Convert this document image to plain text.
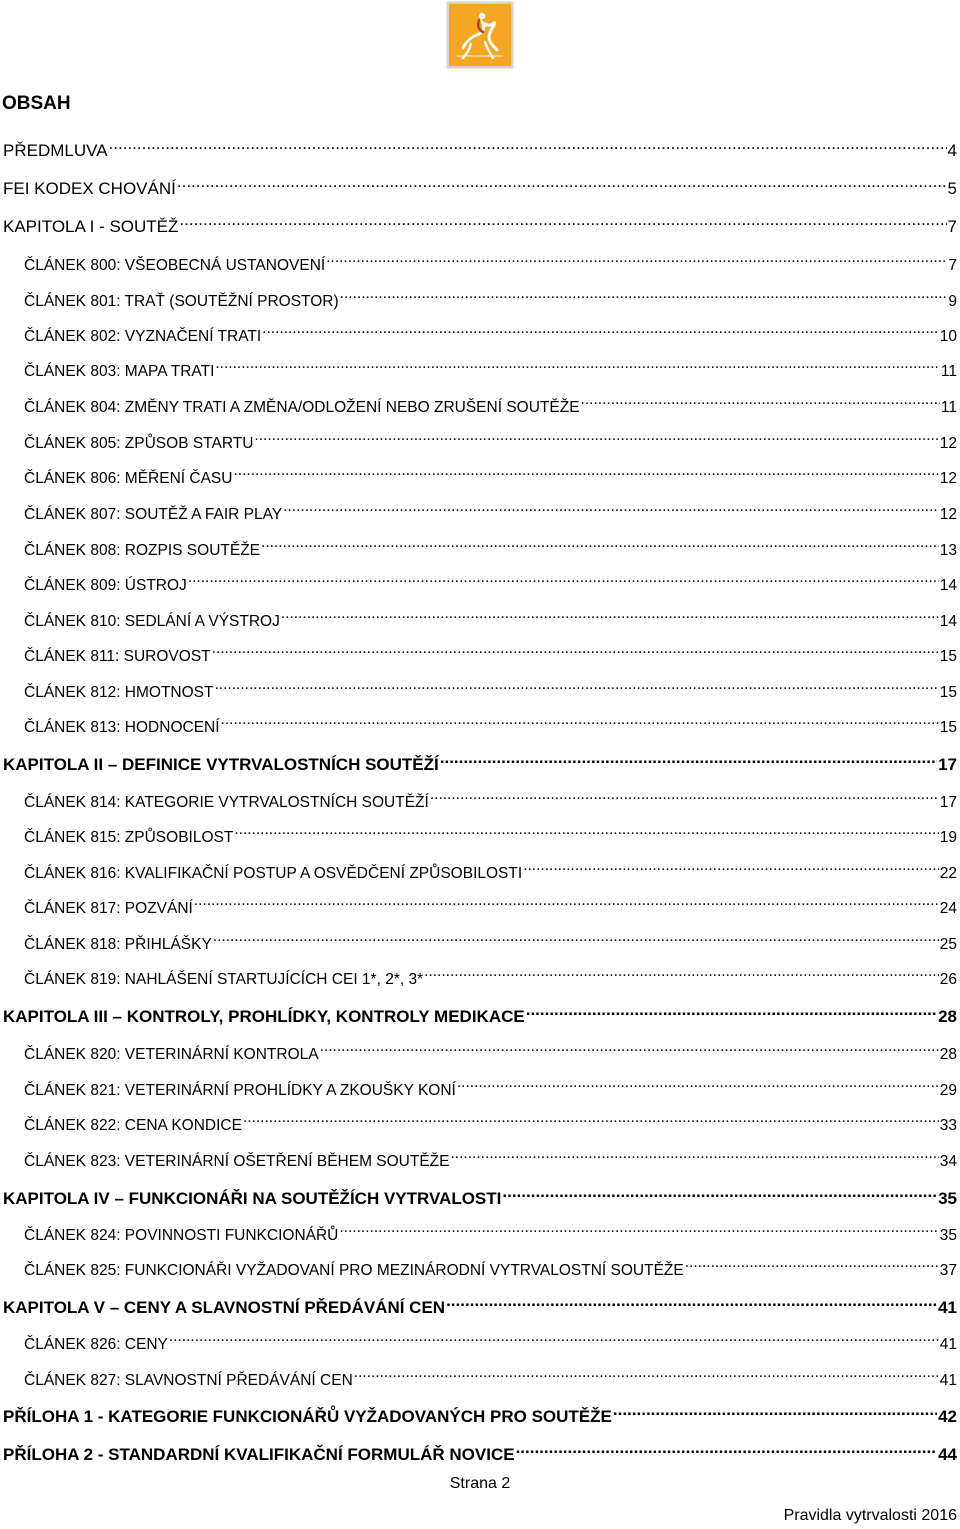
OBSAH
PŘEDMLUVA .....	4
FEI KODEX CHOVÁNÍ .....	5
KAPITOLA I - SOUTĚŽ .....	7
ČLÁNEK 800: VŠEOBECNÁ USTANOVENÍ .....	7
ČLÁNEK 801: TRAŤ (SOUTĚŽNÍ PROSTOR) .....	9
ČLÁNEK 802: VYZNAČENÍ TRATI .....	10
ČLÁNEK 803: MAPA TRATI .....	11
ČLÁNEK 804: ZMĚNY TRATI A ZMĚNA/ODLOŽENÍ NEBO ZRUŠENÍ SOUTĚŽE .....	11
ČLÁNEK 805: ZPŮSOB STARTU .....	12
ČLÁNEK 806: MĚŘENÍ ČASU .....	12
ČLÁNEK 807: SOUTĚŽ A FAIR PLAY .....	12
ČLÁNEK 808: ROZPIS SOUTĚŽE .....	13
ČLÁNEK 809: ÚSTROJ .....	14
ČLÁNEK 810: SEDLÁNÍ A VÝSTROJ .....	14
ČLÁNEK 811: SUROVOST .....	15
ČLÁNEK 812: HMOTNOST .....	15
ČLÁNEK 813: HODNOCENÍ .....	15
KAPITOLA II – DEFINICE VYTRVALOSTNÍCH SOUTĚŽÍ .....	17
ČLÁNEK 814: KATEGORIE VYTRVALOSTNÍCH SOUTĚŽÍ .....	17
ČLÁNEK 815: ZPŮSOBILOST .....	19
ČLÁNEK 816: KVALIFIKAČNÍ POSTUP A OSVĚDČENÍ ZPŮSOBILOSTI .....	22
ČLÁNEK 817: POZVÁNÍ .....	24
ČLÁNEK 818: PŘIHLÁŠKY .....	25
ČLÁNEK 819: NAHLÁŠENÍ STARTUJÍCÍCH CEI 1*, 2*, 3* .....	26
KAPITOLA III – KONTROLY, PROHLÍDKY, KONTROLY MEDIKACE .....	28
ČLÁNEK 820: VETERINÁRNÍ KONTROLA .....	28
ČLÁNEK 821: VETERINÁRNÍ PROHLÍDKY A ZKOUŠKY KONÍ .....	29
ČLÁNEK 822: CENA KONDICE .....	33
ČLÁNEK 823: VETERINÁRNÍ OŠETŘENÍ BĚHEM SOUTĚŽE .....	34
KAPITOLA IV – FUNKCIONÁŘI NA SOUTĚŽÍCH VYTRVALOSTI .....	35
ČLÁNEK 824: POVINNOSTI FUNKCIONÁŘŮ .....	35
ČLÁNEK 825: FUNKCIONÁŘI VYŽADOVANÍ PRO MEZINÁRODNÍ VYTRVALOSTNÍ SOUTĚŽE .....	37
KAPITOLA V – CENY A SLAVNOSTNÍ PŘEDÁVÁNÍ CEN .....	41
ČLÁNEK 826: CENY .....	41
ČLÁNEK 827: SLAVNOSTNÍ PŘEDÁVÁNÍ CEN .....	41
PŘÍLOHA 1 - KATEGORIE FUNKCIONÁŘŮ VYŽADOVANÝCH PRO SOUTĚŽE .....	42
PŘÍLOHA 2 - STANDARDNÍ KVALIFIKAČNÍ FORMULÁŘ NOVICE .....	44
Strana 2
Pravidla vytrvalosti 2016
